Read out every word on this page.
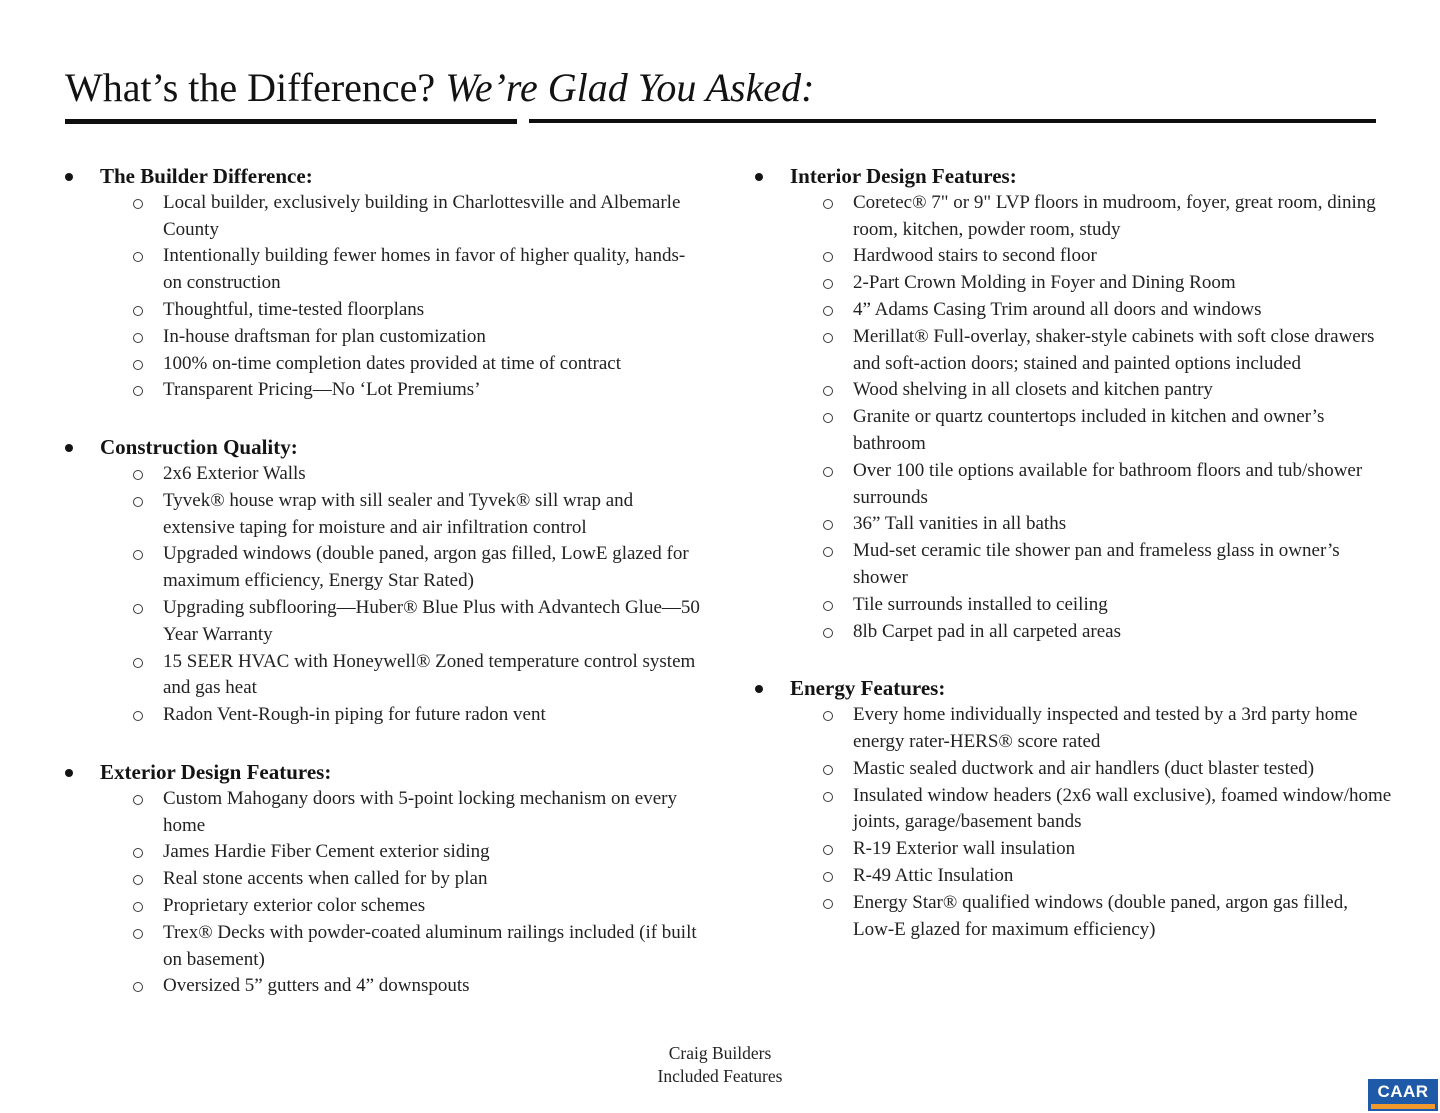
What’s the Difference? We’re Glad You Asked:
The Builder Difference:
Local builder, exclusively building in Charlottesville and Albemarle County
Intentionally building fewer homes in favor of higher quality, hands-on construction
Thoughtful, time-tested floorplans
In-house draftsman for plan customization
100% on-time completion dates provided at time of contract
Transparent Pricing—No ‘Lot Premiums’
Construction Quality:
2x6 Exterior Walls
Tyvek® house wrap with sill sealer and Tyvek® sill wrap and extensive taping for moisture and air infiltration control
Upgraded windows (double paned, argon gas filled, LowE glazed for maximum efficiency, Energy Star Rated)
Upgrading subflooring—Huber® Blue Plus with Advantech Glue—50 Year Warranty
15 SEER HVAC with Honeywell® Zoned temperature control system and gas heat
Radon Vent-Rough-in piping for future radon vent
Exterior Design Features:
Custom Mahogany doors with 5-point locking mechanism on every home
James Hardie Fiber Cement exterior siding
Real stone accents when called for by plan
Proprietary exterior color schemes
Trex® Decks with powder-coated aluminum railings included (if built on basement)
Oversized 5” gutters and 4” downspouts
Interior Design Features:
Coretec® 7" or 9" LVP floors in mudroom, foyer, great room, dining room, kitchen, powder room, study
Hardwood stairs to second floor
2-Part Crown Molding in Foyer and Dining Room
4” Adams Casing Trim around all doors and windows
Merillat® Full-overlay, shaker-style cabinets with soft close drawers and soft-action doors; stained and painted options included
Wood shelving in all closets and kitchen pantry
Granite or quartz countertops included in kitchen and owner’s bathroom
Over 100 tile options available for bathroom floors and tub/shower surrounds
36” Tall vanities in all baths
Mud-set ceramic tile shower pan and frameless glass in owner’s shower
Tile surrounds installed to ceiling
8lb Carpet pad in all carpeted areas
Energy Features:
Every home individually inspected and tested by a 3rd party home energy rater-HERS® score rated
Mastic sealed ductwork and air handlers (duct blaster tested)
Insulated window headers (2x6 wall exclusive), foamed window/home joints, garage/basement bands
R-19 Exterior wall insulation
R-49 Attic Insulation
Energy Star® qualified windows (double paned, argon gas filled, Low-E glazed for maximum efficiency)
Craig Builders
Included Features
CAAR
